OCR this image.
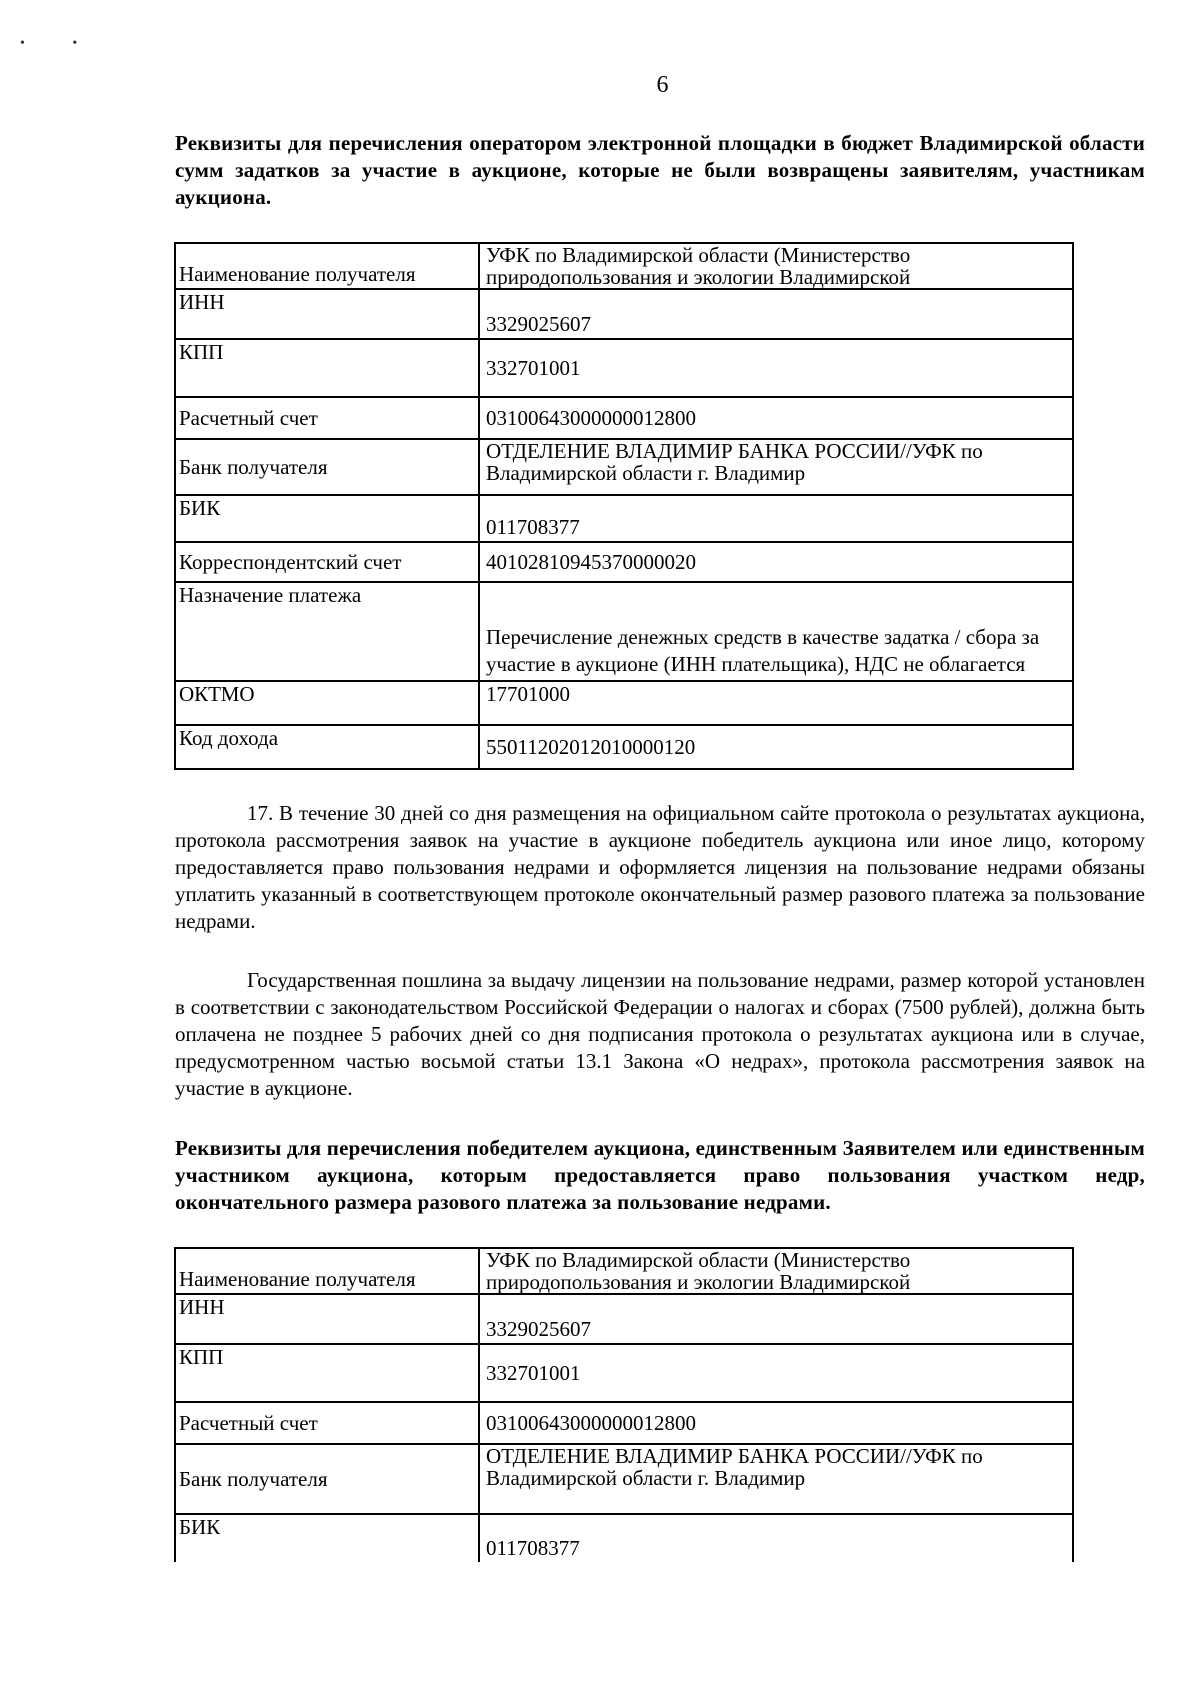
• •
6
Реквизиты для перечисления оператором электронной площадки в бюджет Владимирской области сумм задатков за участие в аукционе, которые не были возвращены заявителям, участникам аукциона.
Наименование получателя	УФК по Владимирской области (Министерство природопользования и экологии Владимирской

ИНН	3329025607
КПП	332701001
Расчетный счет	03100643000000012800
Банк получателя	ОТДЕЛЕНИЕ ВЛАДИМИР БАНКА РОССИИ//УФК по Владимирской области г. Владимир

БИК	011708377
Корреспондентский счет	40102810945370000020
Назначение платежа	Перечисление денежных средств в качестве задатка / сбора за участие в аукционе (ИНН плательщика), НДС не облагается

ОКТМО	17701000
Код дохода	55011202012010000120
17. В течение 30 дней со дня размещения на официальном сайте протокола о результатах аукциона, протокола рассмотрения заявок на участие в аукционе победитель аукциона или иное лицо, которому предоставляется право пользования недрами и оформляется лицензия на пользование недрами обязаны уплатить указанный в соответствующем протоколе окончательный размер разового платежа за пользование недрами.
Государственная пошлина за выдачу лицензии на пользование недрами, размер которой установлен в соответствии с законодательством Российской Федерации о налогах и сборах (7500 рублей), должна быть оплачена не позднее 5 рабочих дней со дня подписания протокола о результатах аукциона или в случае, предусмотренном частью восьмой статьи 13.1 Закона «О недрах», протокола рассмотрения заявок на участие в аукционе.
Реквизиты для перечисления победителем аукциона, единственным Заявителем или единственным участником аукциона, которым предоставляется право пользования участком недр, окончательного размера разового платежа за пользование недрами.
Наименование получателя	УФК по Владимирской области (Министерство природопользования и экологии Владимирской

ИНН	3329025607
КПП	332701001
Расчетный счет	03100643000000012800
Банк получателя	ОТДЕЛЕНИЕ ВЛАДИМИР БАНКА РОССИИ//УФК по Владимирской области г. Владимир

БИК	011708377
